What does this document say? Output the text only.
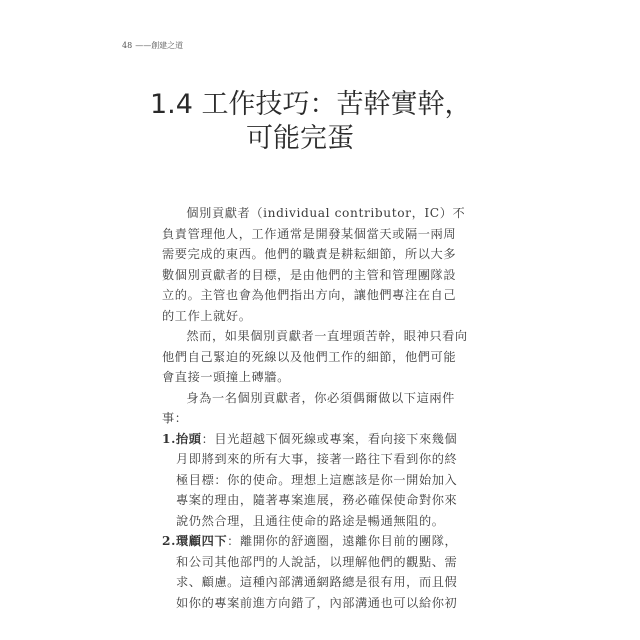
48 ——創建之道
1.4 工作技巧：苦幹實幹，
可能完蛋

個別貢獻者（individual contributor，IC）不負責管理他人，工作通常是開發某個當天或隔一兩周需要完成的東西。他們的職責是耕耘細節，所以大多數個別貢獻者的目標，是由他們的主管和管理團隊設立的。主管也會為他們指出方向，讓他們專注在自己的工作上就好。

然而，如果個別貢獻者一直埋頭苦幹，眼神只看向他們自己緊迫的死線以及他們工作的細節，他們可能會直接一頭撞上磚牆。

身為一名個別貢獻者，你必須偶爾做以下這兩件事：

1. 抬頭：目光超越下個死線或專案，看向接下來幾個月即將到來的所有大事，接著一路往下看到你的終極目標：你的使命。理想上這應該是你一開始加入專案的理由，隨著專案進展，務必確保使命對你來說仍然合理，且通往使命的路途是暢通無阻的。
2. 環顧四下：離開你的舒適圈，遠離你目前的團隊，和公司其他部門的人說話，以理解他們的觀點、需求、顧慮。這種內部溝通網路總是很有用，而且假如你的專案前進方向錯了，內部溝通也可以給你初
